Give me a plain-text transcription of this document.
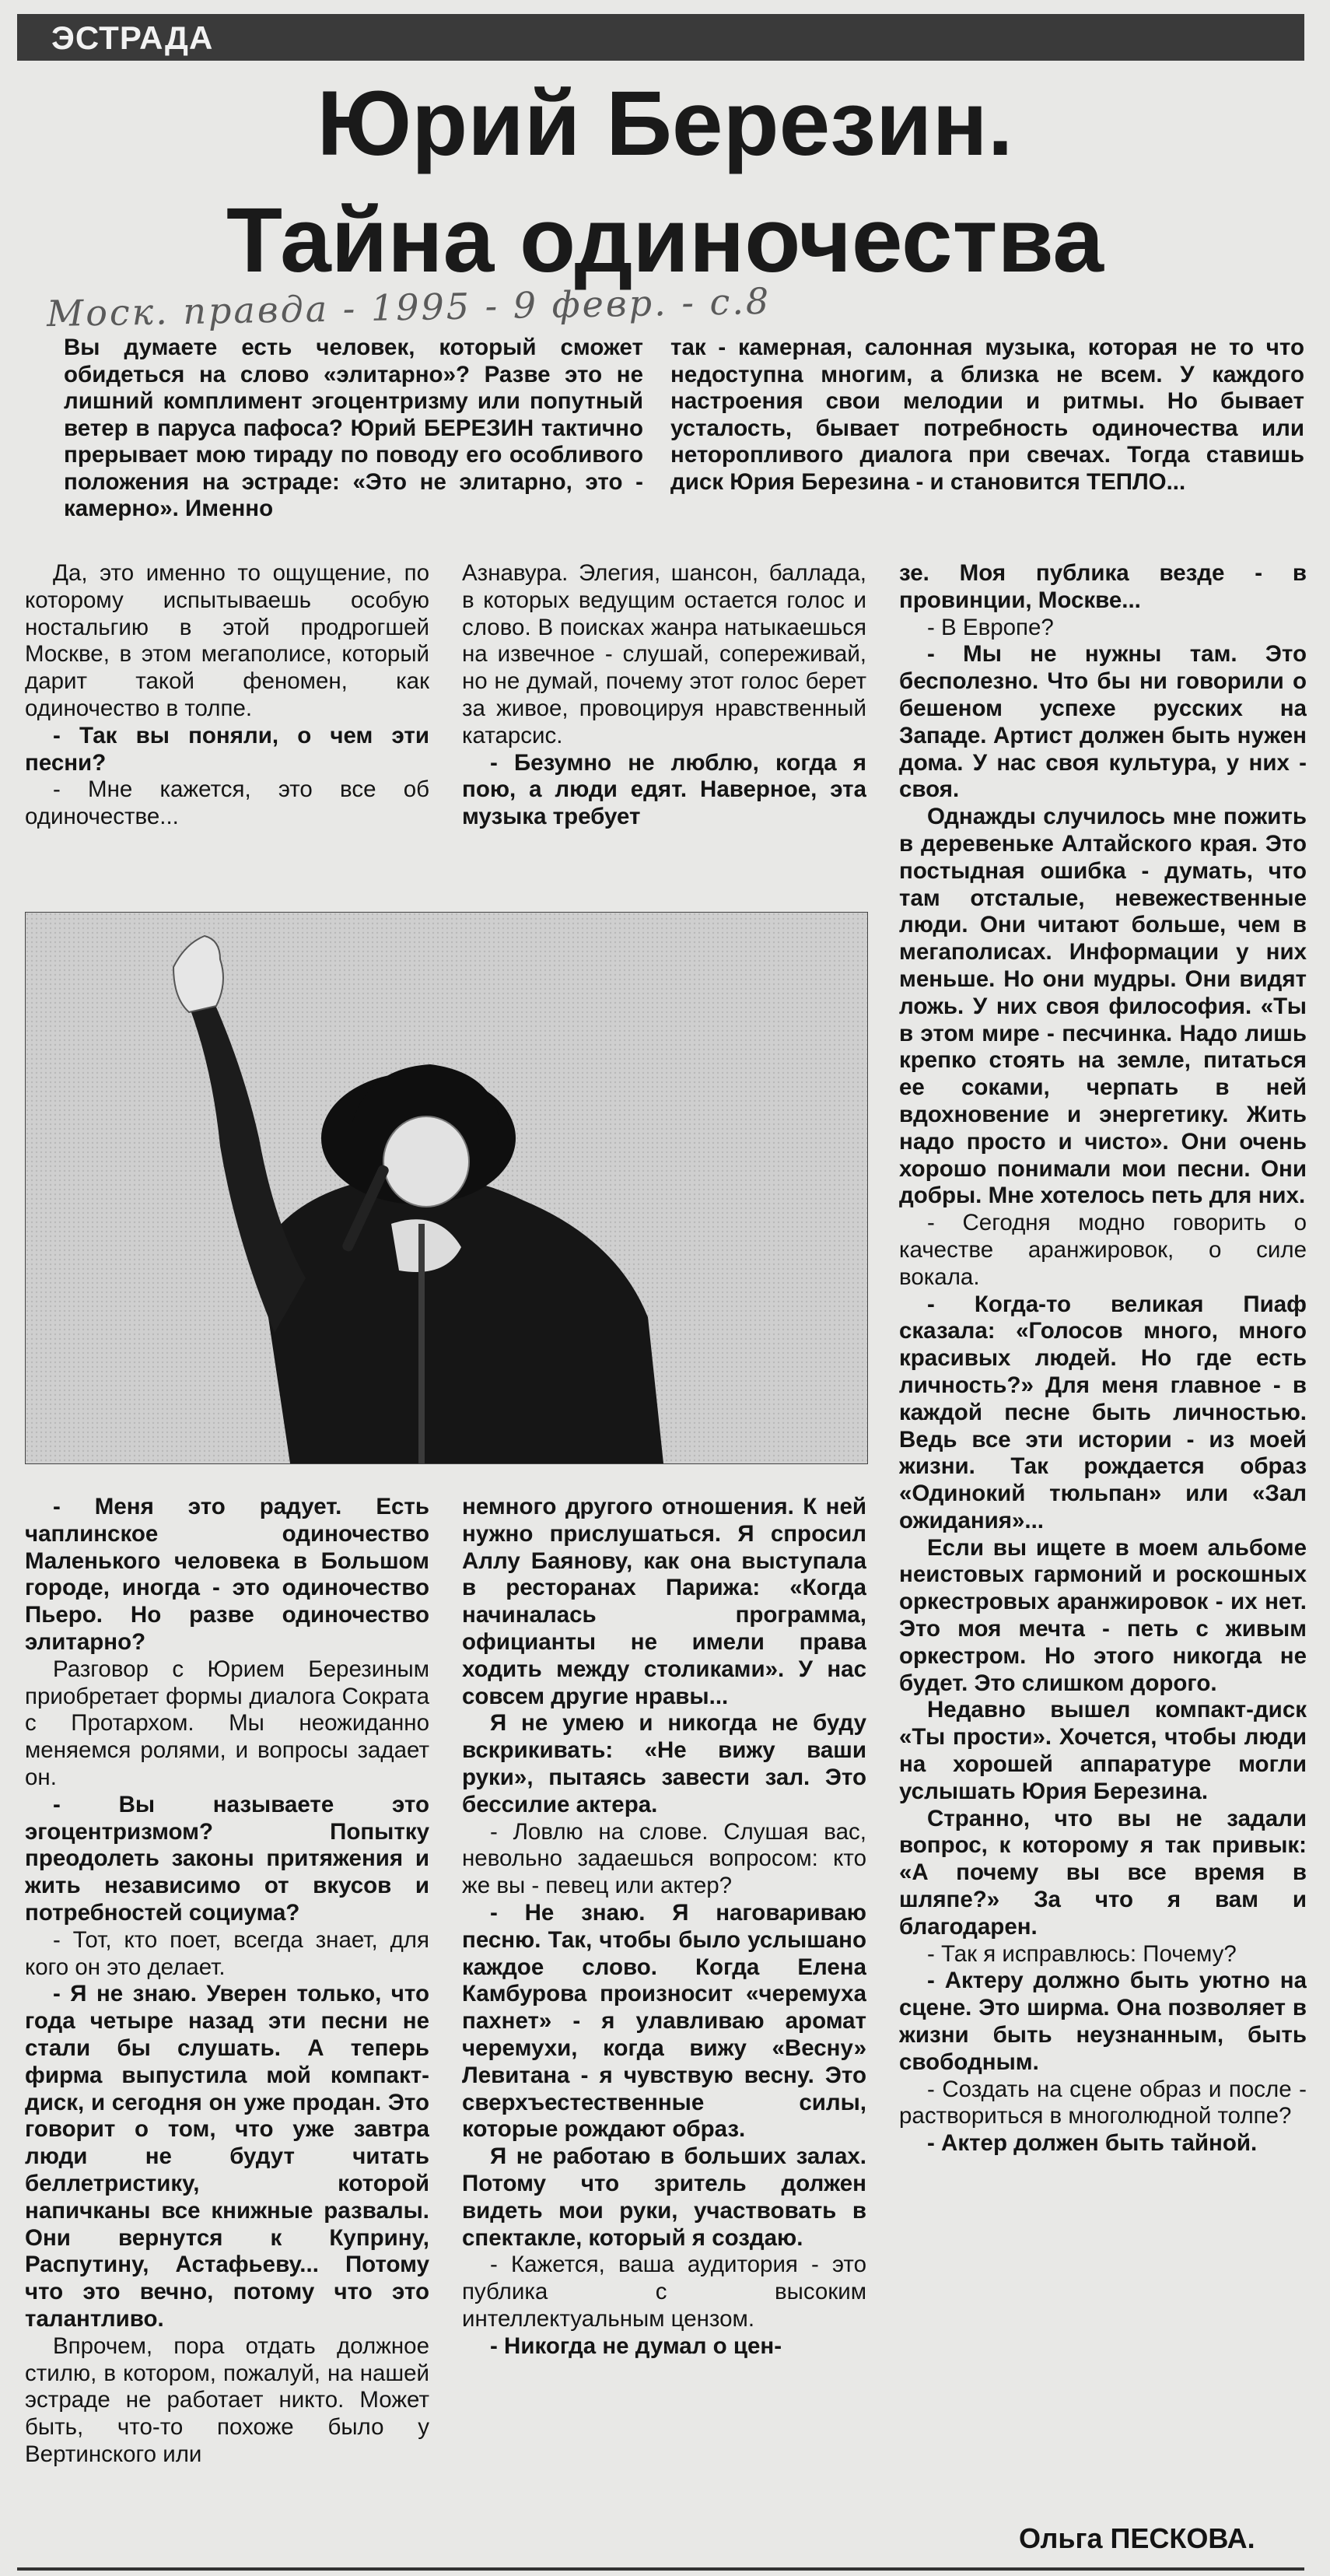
ЭСТРАДА
Юрий Березин.
Тайна одиночества
Моск. правда - 1995 - 9 февр. - с.8
Вы думаете есть человек, который сможет обидеться на слово «элитарно»? Разве это не лишний комплимент эгоцентризму или попутный ветер в паруса пафоса? Юрий БЕРЕЗИН тактично прерывает мою тираду по поводу его особливого положения на эстраде: «Это не элитарно, это - камерно». Именно
так - камерная, салонная музыка, которая не то что недоступна многим, а близка не всем. У каждого настроения свои мелодии и ритмы. Но бывает усталость, бывает потребность одиночества или неторопливого диалога при свечах. Тогда ставишь диск Юрия Березина - и становится ТЕПЛО...

Да, это именно то ощущение, по которому испытываешь особую ностальгию в этой продрогшей Москве, в этом мегаполисе, который дарит такой феномен, как одиночество в толпе.

- Так вы поняли, о чем эти песни?

- Мне кажется, это все об одиночестве...

Азнавура. Элегия, шансон, баллада, в которых ведущим остается голос и слово. В поисках жанра натыкаешься на извечное - слушай, сопереживай, но не думай, почему этот голос берет за живое, провоцируя нравственный катарсис.

- Безумно не люблю, когда я пою, а люди едят. Наверное, эта музыка требует

зе. Моя публика везде - в провинции, Москве...

- В Европе?

- Мы не нужны там. Это бесполезно. Что бы ни говорили о бешеном успехе русских на Западе. Артист должен быть нужен дома. У нас своя культура, у них - своя.

Однажды случилось мне пожить в деревеньке Алтайского края. Это постыдная ошибка - думать, что там отсталые, невежественные люди. Они читают больше, чем в мегаполисах. Информации у них меньше. Но они мудры. Они видят ложь. У них своя философия. «Ты в этом мире - песчинка. Надо лишь крепко стоять на земле, питаться ее соками, черпать в ней вдохновение и энергетику. Жить надо просто и чисто». Они очень хорошо понимали мои песни. Они добры. Мне хотелось петь для них.

- Сегодня модно говорить о качестве аранжировок, о силе вокала.

- Когда-то великая Пиаф сказала: «Голосов много, много красивых людей. Но где есть личность?» Для меня главное - в каждой песне быть личностью. Ведь все эти истории - из моей жизни. Так рождается образ «Одинокий тюльпан» или «Зал ожидания»...

Если вы ищете в моем альбоме неистовых гармоний и роскошных оркестровых аранжировок - их нет. Это моя мечта - петь с живым оркестром. Но этого никогда не будет. Это слишком дорого.

Недавно вышел компакт-диск «Ты прости». Хочется, чтобы люди на хорошей аппаратуре могли услышать Юрия Березина.

Странно, что вы не задали вопрос, к которому я так привык: «А почему вы все время в шляпе?» За что я вам и благодарен.

- Так я исправлюсь: Почему?

- Актеру должно быть уютно на сцене. Это ширма. Она позволяет в жизни быть неузнанным, быть свободным.

- Создать на сцене образ и после - раствориться в многолюдной толпе?

- Актер должен быть тайной.

- Меня это радует. Есть чаплинское одиночество Маленького человека в Большом городе, иногда - это одиночество Пьеро. Но разве одиночество элитарно?

Разговор с Юрием Березиным приобретает формы диалога Сократа с Протархом. Мы неожиданно меняемся ролями, и вопросы задает он.

- Вы называете это эгоцентризмом? Попытку преодолеть законы притяжения и жить независимо от вкусов и потребностей социума?

- Тот, кто поет, всегда знает, для кого он это делает.

- Я не знаю. Уверен только, что года четыре назад эти песни не стали бы слушать. А теперь фирма выпустила мой компакт-диск, и сегодня он уже продан. Это говорит о том, что уже завтра люди не будут читать беллетристику, которой напичканы все книжные развалы. Они вернутся к Куприну, Распутину, Астафьеву... Потому что это вечно, потому что это талантливо.

Впрочем, пора отдать должное стилю, в котором, пожалуй, на нашей эстраде не работает никто. Может быть, что-то похоже было у Вертинского или

немного другого отношения. К ней нужно прислушаться. Я спросил Аллу Баянову, как она выступала в ресторанах Парижа: «Когда начиналась программа, официанты не имели права ходить между столиками». У нас совсем другие нравы...

Я не умею и никогда не буду вскрикивать: «Не вижу ваши руки», пытаясь завести зал. Это бессилие актера.

- Ловлю на слове. Слушая вас, невольно задаешься вопросом: кто же вы - певец или актер?

- Не знаю. Я наговариваю песню. Так, чтобы было услышано каждое слово. Когда Елена Камбурова произносит «черемуха пахнет» - я улавливаю аромат черемухи, когда вижу «Весну» Левитана - я чувствую весну. Это сверхъестественные силы, которые рождают образ.

Я не работаю в больших залах. Потому что зритель должен видеть мои руки, участвовать в спектакле, который я создаю.

- Кажется, ваша аудитория - это публика с высоким интеллектуальным цензом.

- Никогда не думал о цен-

Ольга ПЕСКОВА.
